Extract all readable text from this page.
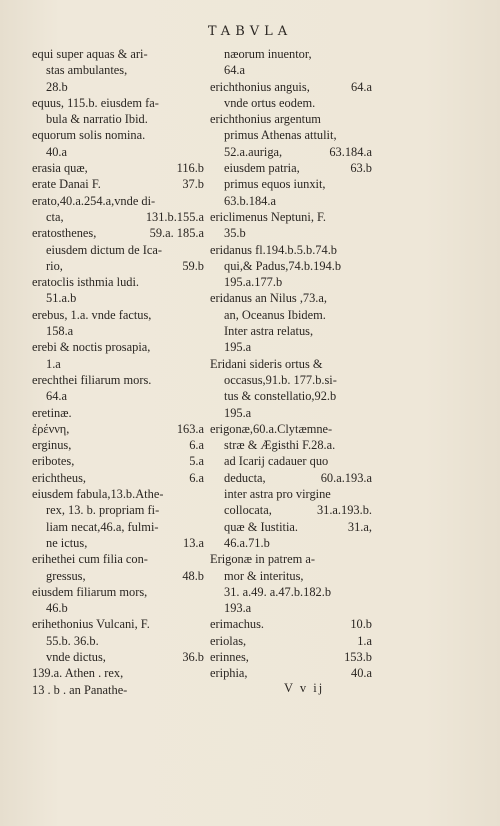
TABVLA
equi super aquas & ari-
stas ambulantes,
28.b
equus, 115.b. eiusdem fa-
bula & narratio Ibid.
equorum solis nomina.
40.a
erasia quæ,	116.b
erate Danai F.	37.b
erato,40.a.254.a,vnde di-
cta,	131.b.155.a
eratosthenes,	59.a. 185.a
eiusdem dictum de Ica-
rio,	59.b
eratoclis isthmia ludi.
51.a.b
erebus, 1.a. vnde factus,
158.a
erebi & noctis prosapia,
1.a
erechthei filiarum mors.
64.a
eretinæ.
ἐρέννη,	163.a
erginus,	6.a
eribotes,	5.a
erichtheus,	6.a
eiusdem fabula,13.b.Athe-
rex, 13. b. propriam fi-
liam necat,46.a, fulmi-
ne ictus,	13.a
erihethei cum filia con-
gressus,	48.b
eiusdem filiarum mors,
46.b
erihethonius Vulcani, F.
55.b. 36.b.
vnde dictus,	36.b
139.a. Athen . rex,
13 . b . an Panathe-
næorum inuentor,
64.a
erichthonius anguis,	64.a
vnde ortus eodem.
erichthonius argentum
primus Athenas attulit,
52.a.auriga,	63.184.a
eiusdem patria,	63.b
primus equos iunxit,
63.b.184.a
ericlimenus Neptuni, F.
35.b
eridanus fl.194.b.5.b.74.b
qui,& Padus,74.b.194.b
195.a.177.b
eridanus an Nilus ,73.a,
an, Oceanus Ibidem.
Inter astra relatus,
195.a
Eridani sideris ortus &
occasus,91.b. 177.b.si-
tus & constellatio,92.b
195.a
erigonæ,60.a.Clytæmne-
stræ & Ægisthi F.28.a.
ad Icarij cadauer quo
deducta,	60.a.193.a
inter astra pro virgine
collocata,	31.a.193.b.
quæ & Iustitia.	31.a,
46.a.71.b
Erigonæ in patrem a-
mor & interitus,
31. a.49. a.47.b.182.b
193.a
erimachus.	10.b
eriolas,	1.a
erinnes,	153.b
eriphia,	40.a
V v ij
